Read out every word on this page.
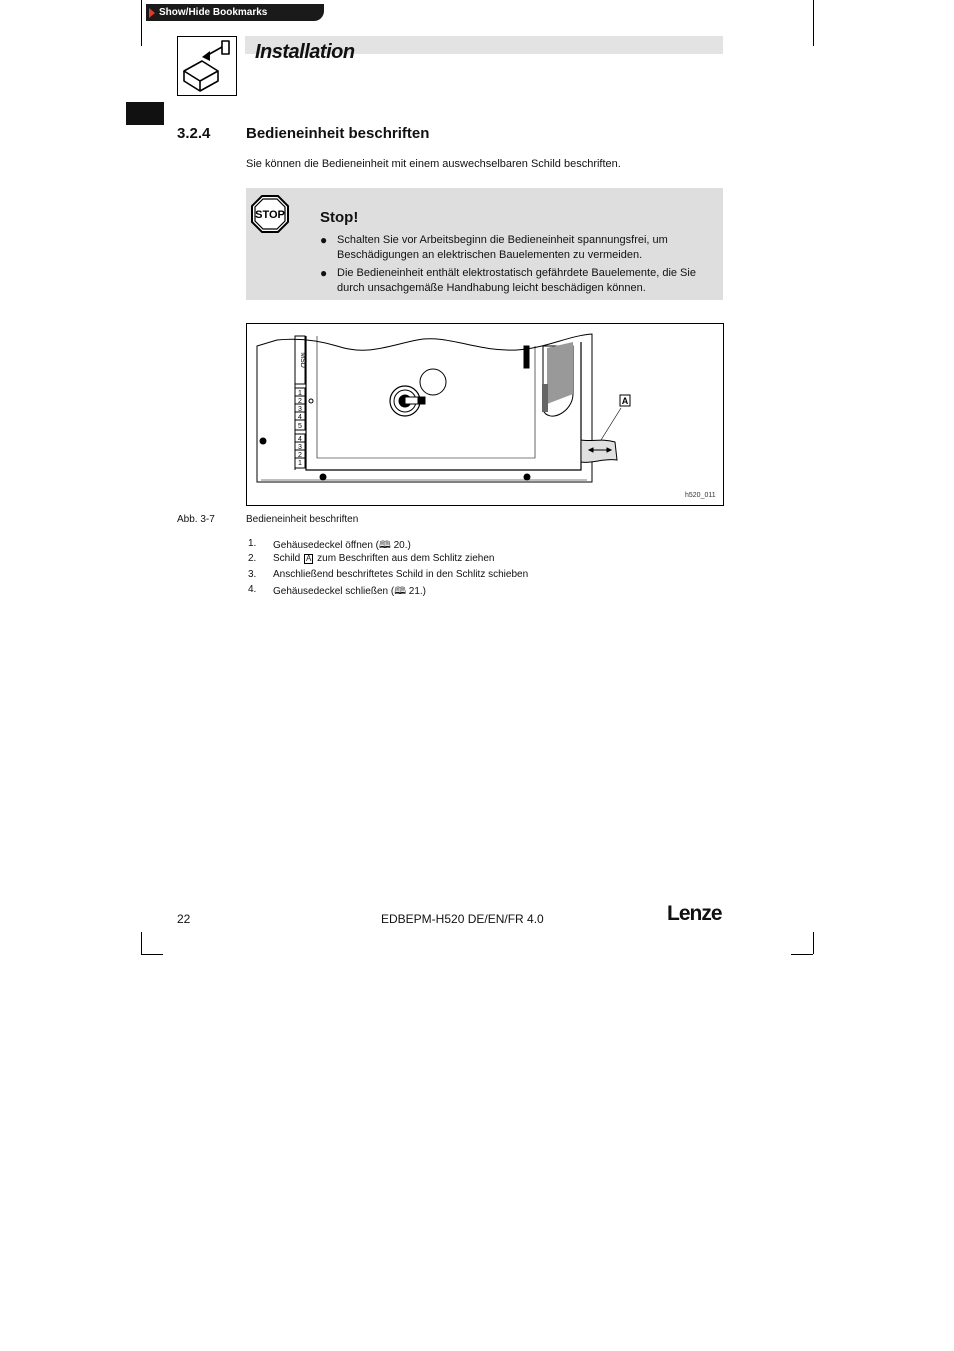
Show/Hide Bookmarks
Installation
3.2.4 Bedieneinheit beschriften
Sie können die Bedieneinheit mit einem auswechselbaren Schild beschriften.
STOP Stop!
● Schalten Sie vor Arbeitsbeginn die Bedieneinheit spannungsfrei, um Beschädigungen an elektrischen Bauelementen zu vermeiden.
● Die Bedieneinheit enthält elektrostatisch gefährdete Bauelemente, die Sie durch unsachgemäße Handhabung leicht beschädigen können.
MSD
1
2
3
4
5
4
3
2
1
A
h520_011
Abb. 3-7	Bedieneinheit beschriften
1. Gehäusedeckel öffnen (🕮 20.)
2. Schild A zum Beschriften aus dem Schlitz ziehen
3. Anschließend beschriftetes Schild in den Schlitz schieben
4. Gehäusedeckel schließen (🕮 21.)
22	EDBEPM-H520 DE/EN/FR 4.0	Lenze
